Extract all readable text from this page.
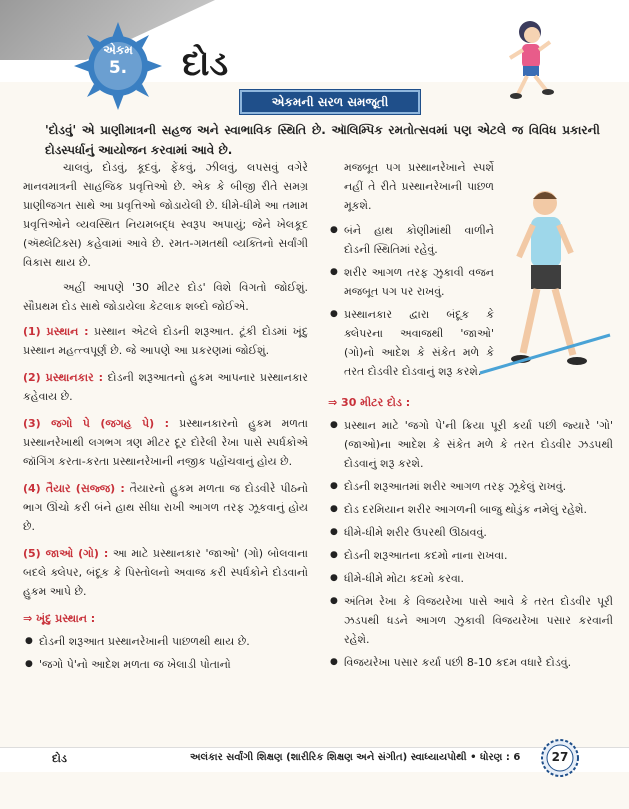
એકમ
5.	દોડ
એકમની સરળ સમજૂતી
'દોડવું' એ પ્રાણીમાત્રની સહજ અને સ્વાભાવિક સ્થિતિ છે. ઑલિમ્પિક રમતોત્સવમાં પણ એટલે જ વિવિધ પ્રકારની દોડસ્પર્ધાનું આયોજન કરવામાં આવે છે.

ચાલવું, દોડવું, કૂદવું, ફેંકવું, ઝીલવું, લપસવું વગેરે માનવમાત્રની સાહજિક પ્રવૃત્તિઓ છે. એક કે બીજી રીતે સમગ્ર પ્રાણીજગત સાથે આ પ્રવૃત્તિઓ જોડાયેલી છે. ધીમે-ધીમે આ તમામ પ્રવૃત્તિઓને વ્યવસ્થિત નિયમબદ્ધ સ્વરૂપ અપાયું; જેને ખેલકૂદ (ઍથ્લેટિક્સ) કહેવામાં આવે છે. રમત-ગમતથી વ્યક્તિનો સર્વાંગી વિકાસ થાય છે.

અહીં આપણે '30 મીટર દોડ' વિશે વિગતો જોઈશું. સૌપ્રથમ દોડ સાથે જોડાયેલા કેટલાક શબ્દો જોઈએ.

(1) પ્રસ્થાન : પ્રસ્થાન એટલે દોડની શરૂઆત. ટૂંકી દોડમાં ખૂંદુ પ્રસ્થાન મહત્ત્વપૂર્ણ છે. જે આપણે આ પ્રકરણમાં જોઈશું.
(2) પ્રસ્થાનકાર : દોડની શરૂઆતનો હુકમ આપનાર પ્રસ્થાનકાર કહેવાય છે.
(3) જગો પે (જગહ પે) : પ્રસ્થાનકારનો હુકમ મળતા પ્રસ્થાનરેખાથી લગભગ ત્રણ મીટર દૂર દોરેલી રેખા પાસે સ્પર્ધકોએ જૉગિંગ કરતા-કરતા પ્રસ્થાનરેખાની નજીક પહોંચવાનું હોય છે.
(4) તૈયાર (સજ્જ) : તૈયારનો હુકમ મળતા જ દોડવીરે પીઠનો ભાગ ઊંચો કરી બંને હાથ સીધા રાખી આગળ તરફ ઝૂકવાનું હોય છે.
(5) જાઓ (ગો) : આ માટે પ્રસ્થાનકાર 'જાઓ' (ગો) બોલવાના બદલે ક્લેપર, બંદૂક કે પિસ્તોલનો અવાજ કરી સ્પર્ધકોને દોડવાનો હુકમ આપે છે.
⇒ ખૂંદુ પ્રસ્થાન :
● દોડની શરૂઆત પ્રસ્થાનરેખાની પાછળથી થાય છે.
● 'જગો પે'નો આદેશ મળતા જ ખેલાડી પોતાનો

મજબૂત પગ પ્રસ્થાનરેખાને સ્પર્શે નહીં તે રીતે પ્રસ્થાનરેખાની પાછળ મૂકશે.

● બંને હાથ કોણીમાંથી વાળીને દોડની સ્થિતિમાં રહેવું.
● શરીર આગળ તરફ ઝુકાવી વજન મજબૂત પગ પર રાખવું.
● પ્રસ્થાનકાર દ્વારા બંદૂક કે ક્લેપરના અવાજથી 'જાઓ' (ગો)નો આદેશ કે સંકેત મળે કે તરત દોડવીર દોડવાનું શરૂ કરશે.
⇒ 30 મીટર દોડ :
● પ્રસ્થાન માટે 'જગો પે'ની ક્રિયા પૂરી કર્યા પછી જ્યારે 'ગો' (જાઓ)ના આદેશ કે સંકેત મળે કે તરત દોડવીર ઝડપથી દોડવાનું શરૂ કરશે.
● દોડની શરૂઆતમાં શરીર આગળ તરફ ઝૂકેલું રાખવું.
● દોડ દરમિયાન શરીર આગળની બાજુ થોડુંક નમેલું રહેશે.
● ધીમે-ધીમે શરીર ઉપરથી ઊઠાવવું.
● દોડની શરૂઆતના કદમો નાના રાખવા.
● ધીમે-ધીમે મોટા કદમો કરવા.
● અંતિમ રેખા કે વિજયરેખા પાસે આવે કે તરત દોડવીર પૂરી ઝડપથી ધડને આગળ ઝુકાવી વિજયરેખા પસાર કરવાની રહેશે.
● વિજયરેખા પસાર કર્યા પછી 8-10 કદમ વધારે દોડવું.
દોડ	અલંકાર સર્વાંગી શિક્ષણ (શારીરિક શિક્ષણ અને સંગીત) સ્વાધ્યાયપોથી • ધોરણ : 6	27
